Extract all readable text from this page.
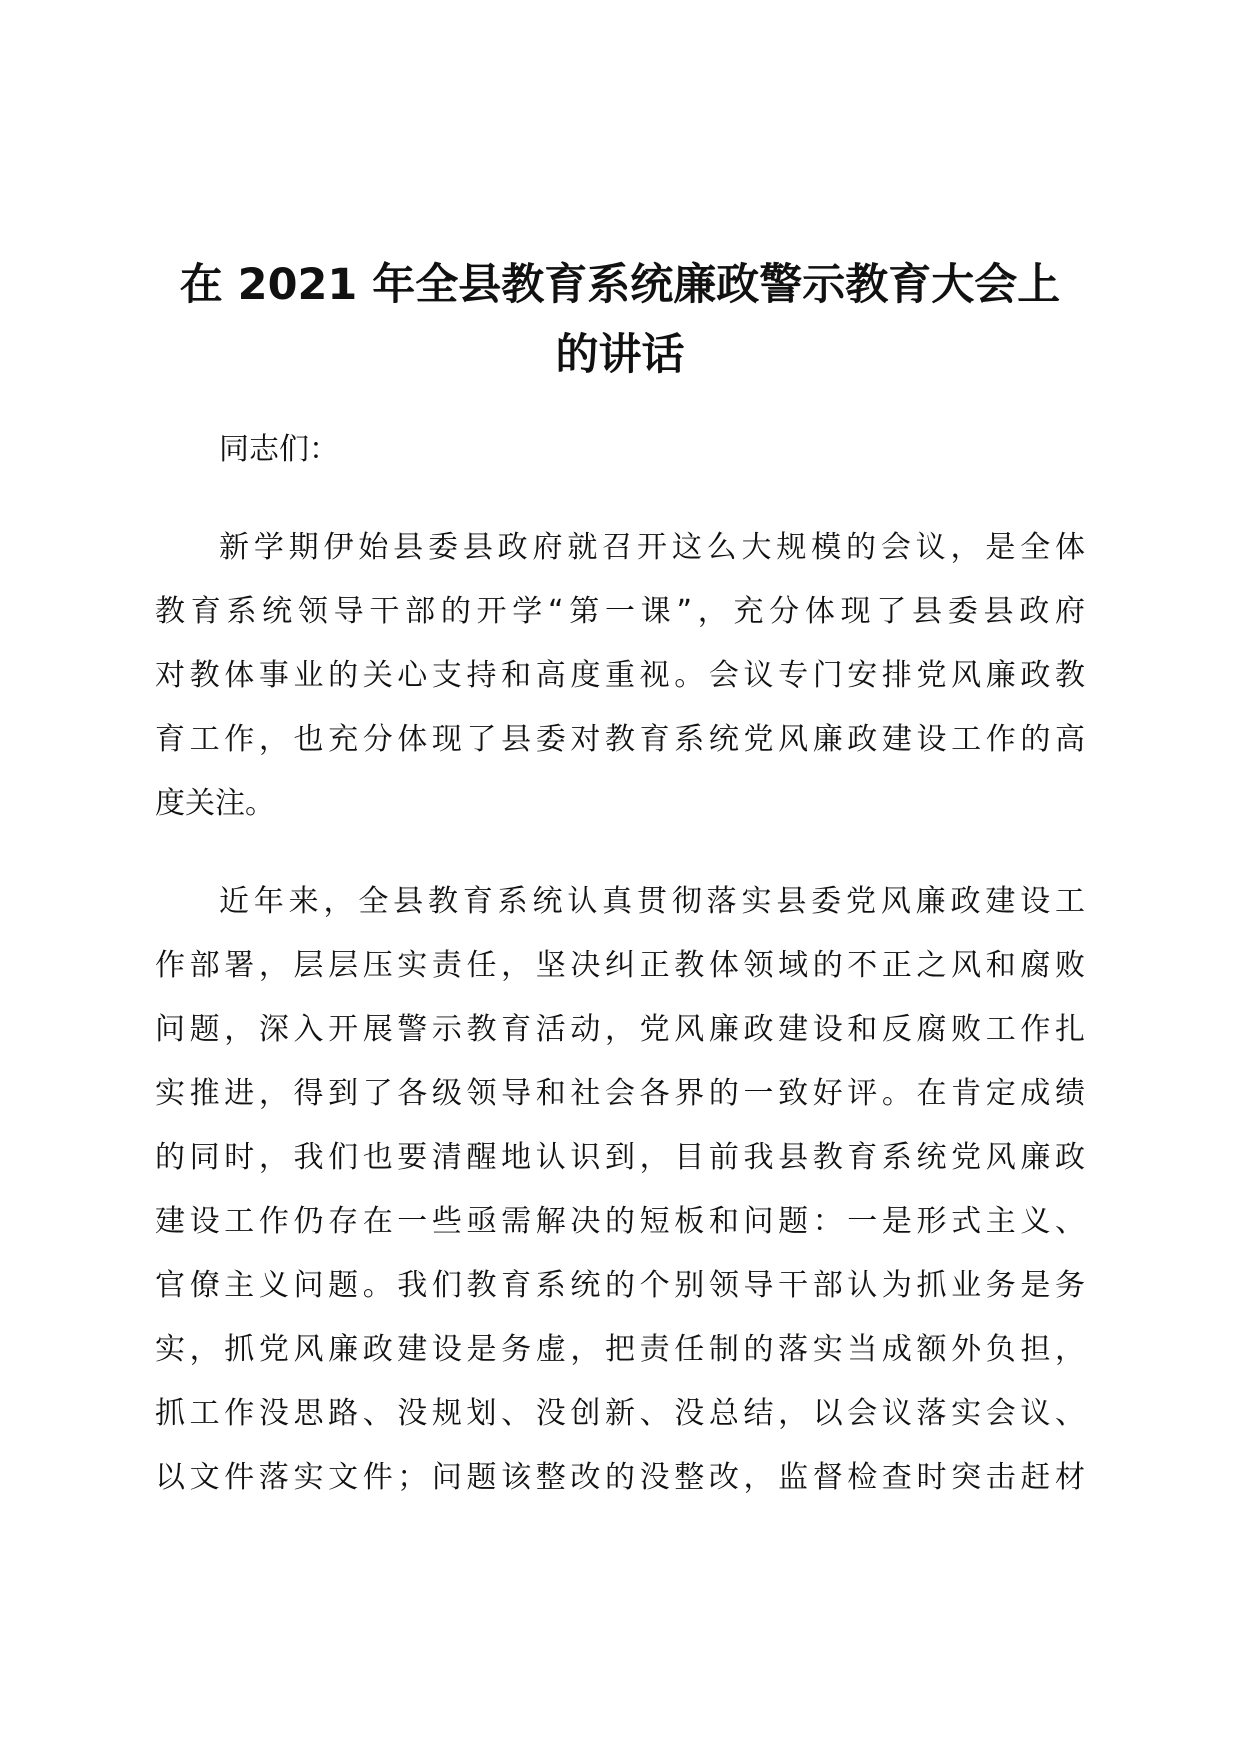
在 2021 年全县教育系统廉政警示教育大会上
的讲话

同志们：

新学期伊始县委县政府就召开这么大规模的会议，是全体
教育系统领导干部的开学“第一课”，充分体现了县委县政府
对教体事业的关心支持和高度重视。会议专门安排党风廉政教
育工作，也充分体现了县委对教育系统党风廉政建设工作的高
度关注。
近年来，全县教育系统认真贯彻落实县委党风廉政建设工
作部署，层层压实责任，坚决纠正教体领域的不正之风和腐败
问题，深入开展警示教育活动，党风廉政建设和反腐败工作扎
实推进，得到了各级领导和社会各界的一致好评。在肯定成绩
的同时，我们也要清醒地认识到，目前我县教育系统党风廉政
建设工作仍存在一些亟需解决的短板和问题：一是形式主义、
官僚主义问题。我们教育系统的个别领导干部认为抓业务是务
实，抓党风廉政建设是务虚，把责任制的落实当成额外负担，
抓工作没思路、没规划、没创新、没总结，以会议落实会议、
以文件落实文件；问题该整改的没整改，监督检查时突击赶材
